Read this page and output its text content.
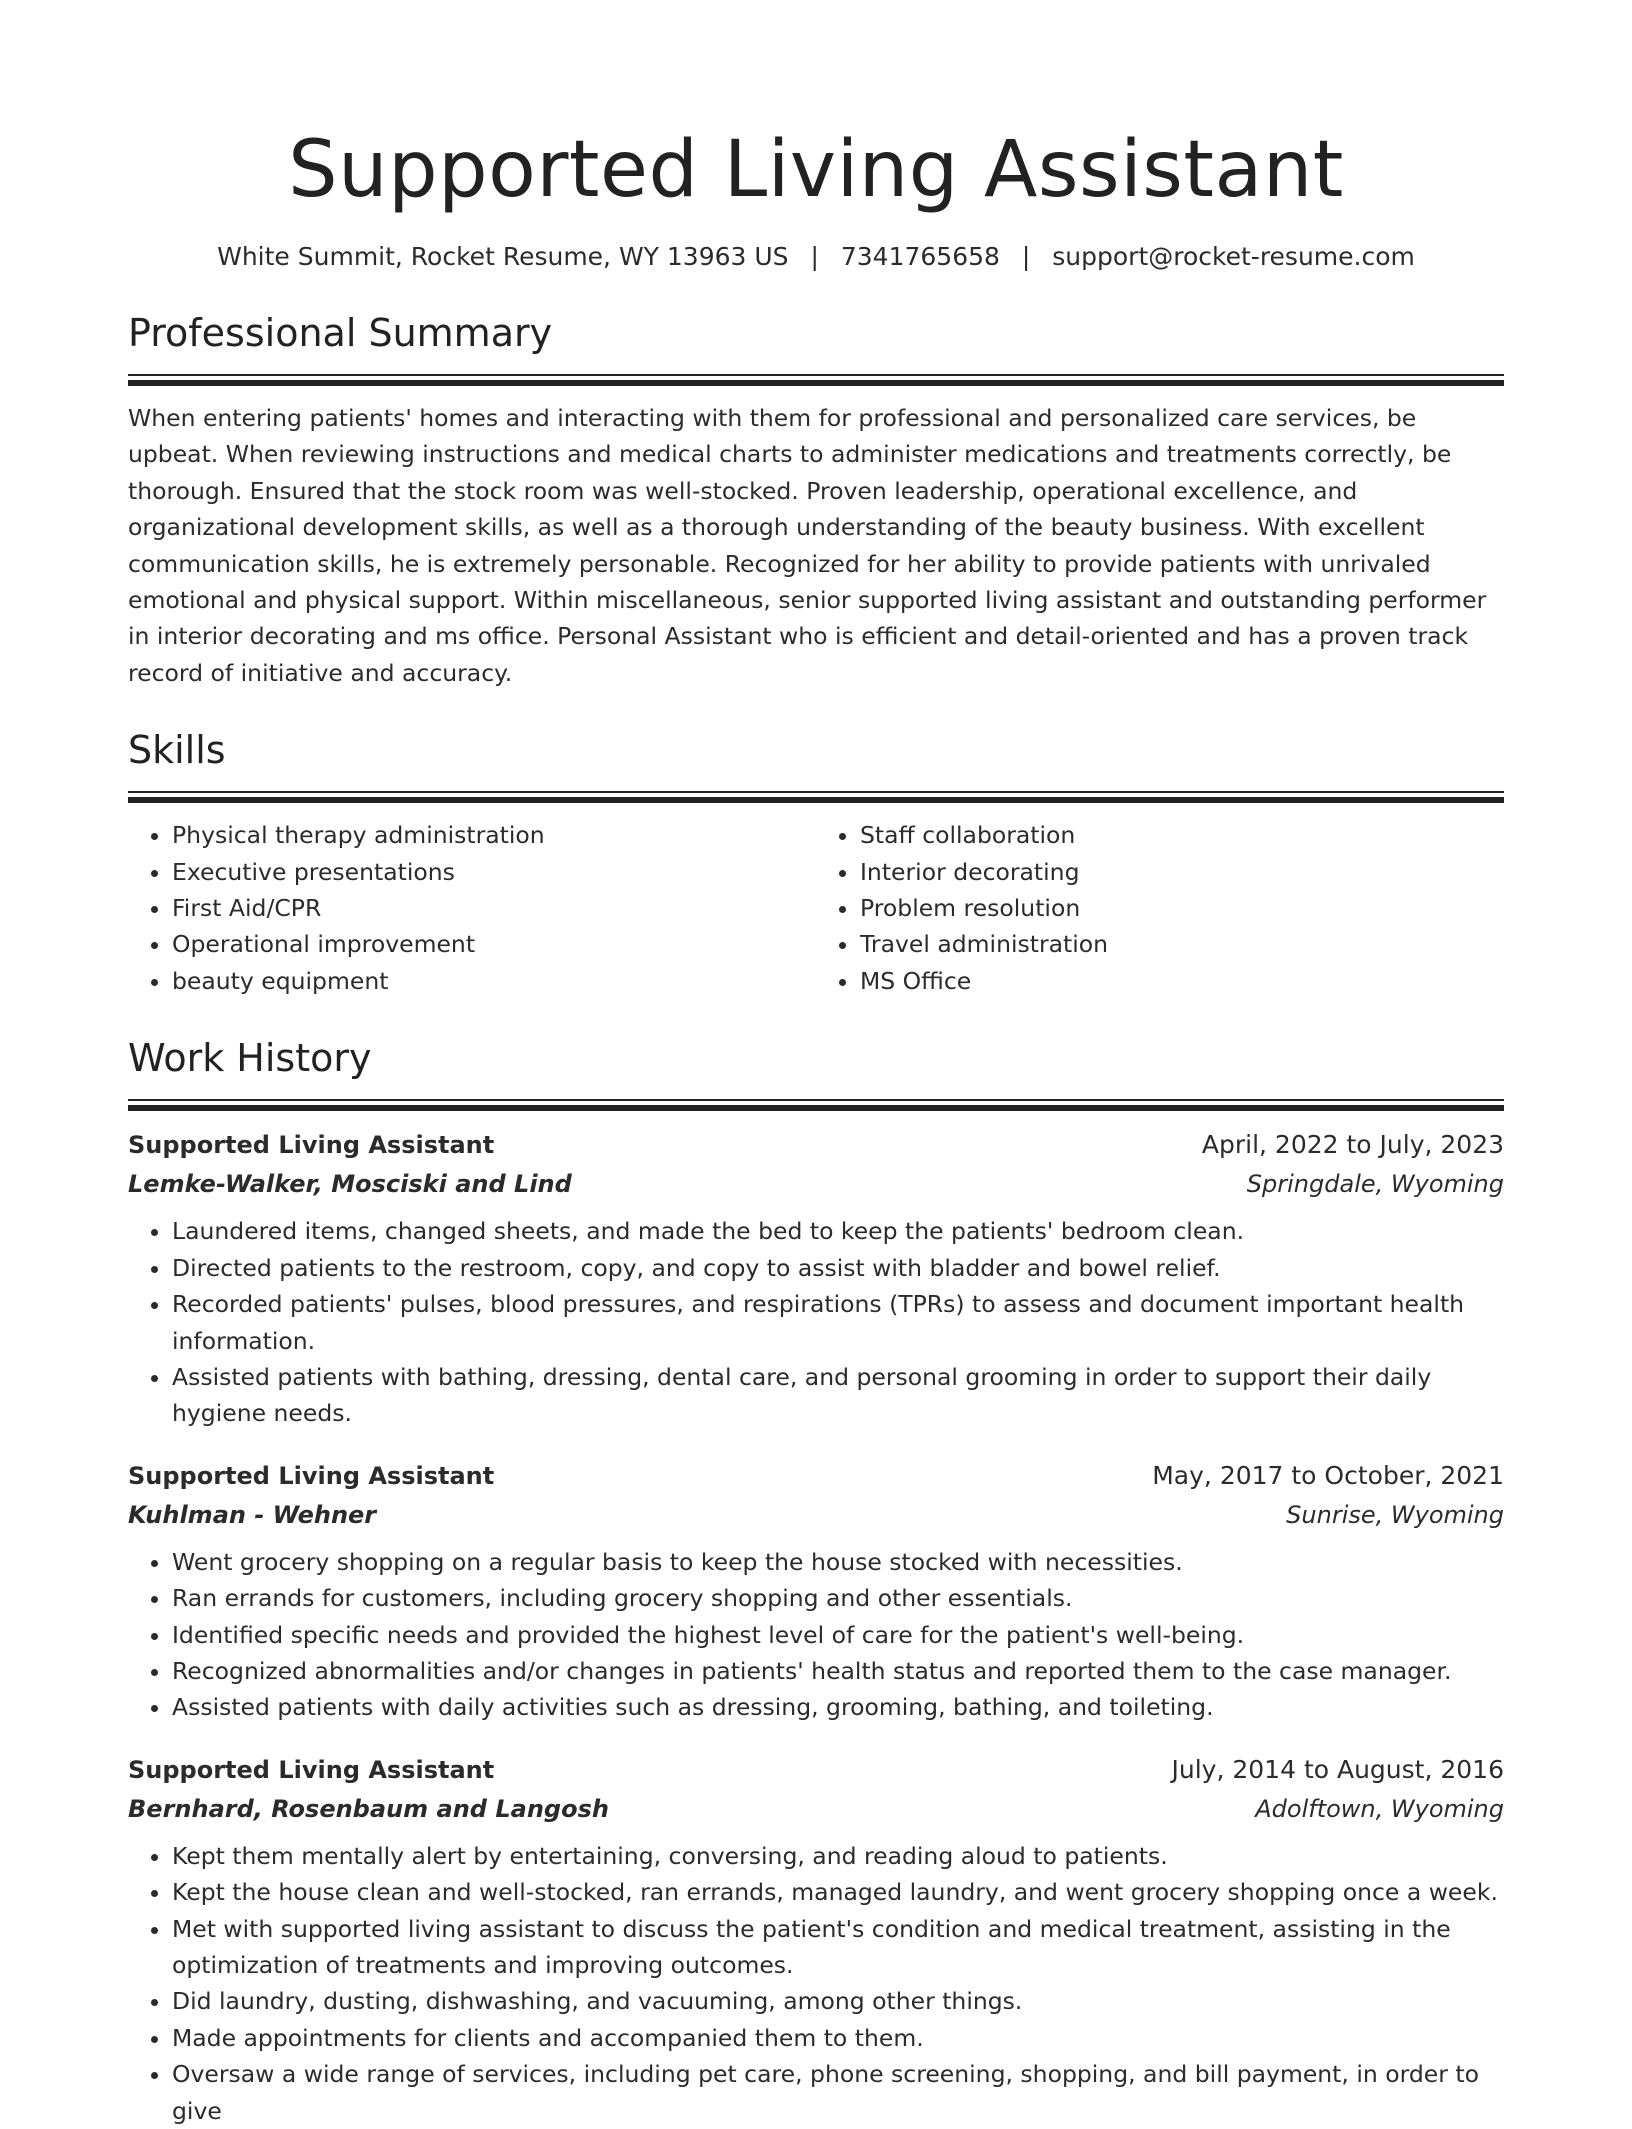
Supported Living Assistant
White Summit, Rocket Resume, WY 13963 US | 7341765658 | support@rocket-resume.com
Professional Summary

When entering patients' homes and interacting with them for professional and personalized care services, be upbeat. When reviewing instructions and medical charts to administer medications and treatments correctly, be thorough. Ensured that the stock room was well-stocked. Proven leadership, operational excellence, and organizational development skills, as well as a thorough understanding of the beauty business. With excellent communication skills, he is extremely personable. Recognized for her ability to provide patients with unrivaled emotional and physical support. Within miscellaneous, senior supported living assistant and outstanding performer in interior decorating and ms office. Personal Assistant who is efficient and detail-oriented and has a proven track record of initiative and accuracy.

Skills
• Physical therapy administration
• Executive presentations
• First Aid/CPR
• Operational improvement
• beauty equipment
• Staff collaboration
• Interior decorating
• Problem resolution
• Travel administration
• MS Office
Work History
Supported Living Assistant	April, 2022 to July, 2023
Lemke-Walker, Mosciski and Lind	Springdale, Wyoming
• Laundered items, changed sheets, and made the bed to keep the patients' bedroom clean.
• Directed patients to the restroom, copy, and copy to assist with bladder and bowel relief.
• Recorded patients' pulses, blood pressures, and respirations (TPRs) to assess and document important health information.
• Assisted patients with bathing, dressing, dental care, and personal grooming in order to support their daily hygiene needs.
Supported Living Assistant	May, 2017 to October, 2021
Kuhlman - Wehner	Sunrise, Wyoming
• Went grocery shopping on a regular basis to keep the house stocked with necessities.
• Ran errands for customers, including grocery shopping and other essentials.
• Identified specific needs and provided the highest level of care for the patient's well-being.
• Recognized abnormalities and/or changes in patients' health status and reported them to the case manager.
• Assisted patients with daily activities such as dressing, grooming, bathing, and toileting.
Supported Living Assistant	July, 2014 to August, 2016
Bernhard, Rosenbaum and Langosh	Adolftown, Wyoming
• Kept them mentally alert by entertaining, conversing, and reading aloud to patients.
• Kept the house clean and well-stocked, ran errands, managed laundry, and went grocery shopping once a week.
• Met with supported living assistant to discuss the patient's condition and medical treatment, assisting in the optimization of treatments and improving outcomes.
• Did laundry, dusting, dishwashing, and vacuuming, among other things.
• Made appointments for clients and accompanied them to them.
• Oversaw a wide range of services, including pet care, phone screening, shopping, and bill payment, in order to give
